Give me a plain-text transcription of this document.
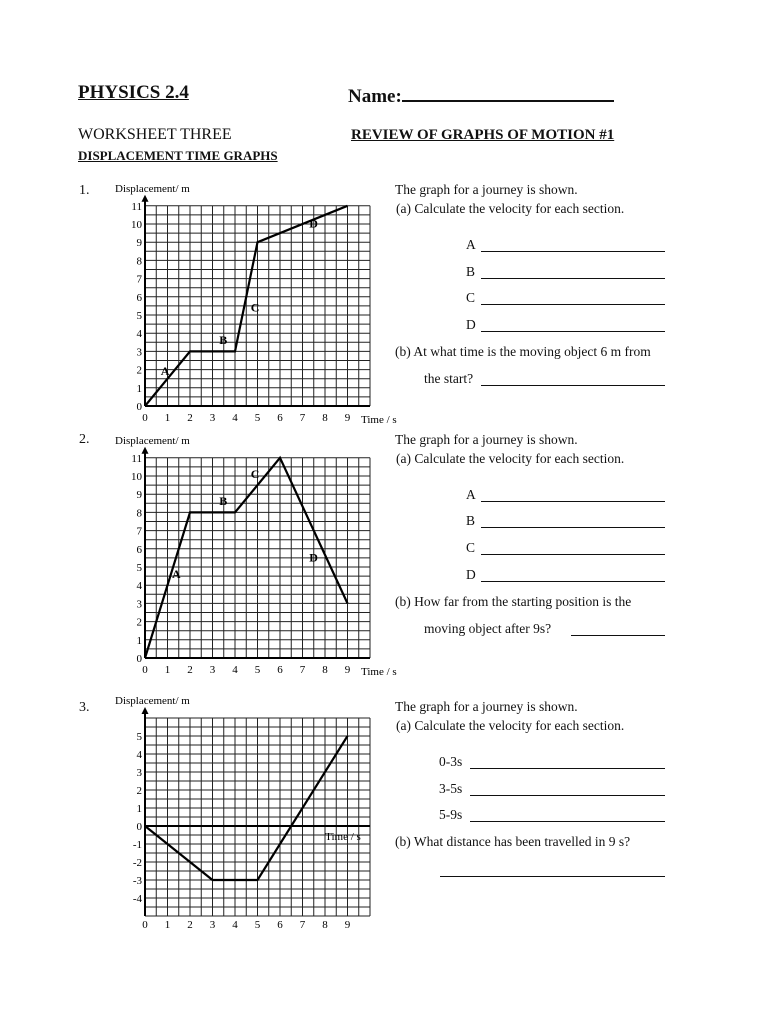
PHYSICS 2.4	Name:
WORKSHEET THREE	REVIEW OF GRAPHS OF MOTION #1
DISPLACEMENT TIME GRAPHS
1.	The graph for a journey is shown.
(a) Calculate the velocity for each section.
A
B
C
D
(b) At what time is the moving object 6 m from
the start?
2.	The graph for a journey is shown.
(a) Calculate the velocity for each section.
A
B
C
D
(b) How far from the starting position is the
moving object after 9s?
3.	The graph for a journey is shown.
(a) Calculate the velocity for each section.
0-3s
3-5s
5-9s
(b) What distance has been travelled in 9 s?
0
1
2
3
4
5
6
7
8
9
10
11
0 1 2 3 4 5 6 7 8 9
Displacement/ m
Time / s
A
B
C
D
0
1
2
3
4
5
6
7
8
9
10
11
0 1 2 3 4 5 6 7 8 9
Displacement/ m
Time / s
A
B
C
D
-4
-3
-2
-1
0
1
2
3
4
5
0 1 2 3 4 5 6 7 8 9
Displacement/ m
Time / s
